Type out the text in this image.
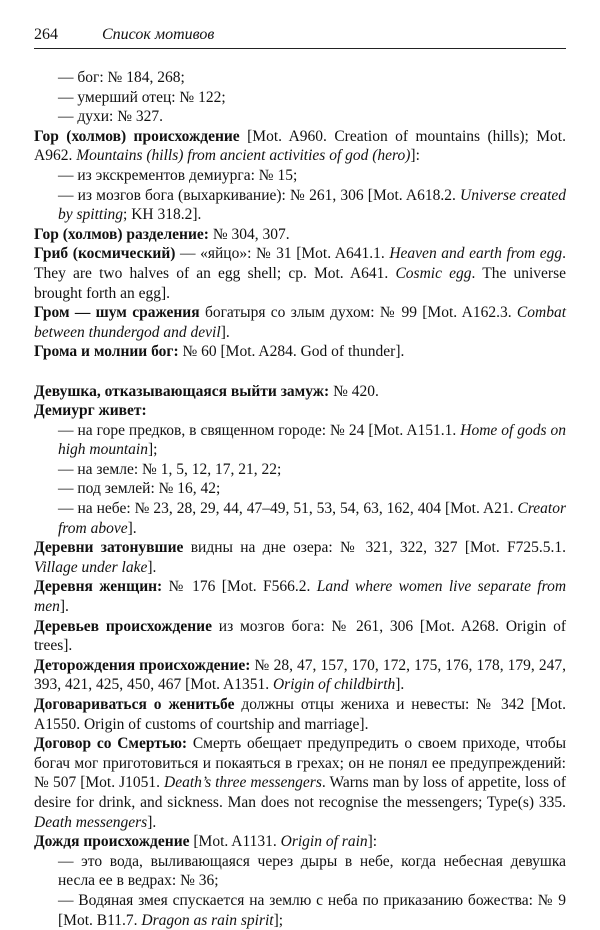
264	Список мотивов

— бог: № 184, 268;

— умерший отец: № 122;

— духи: № 327.

Гор (холмов) происхождение [Mot. A960. Creation of mountains (hills); Mot. A962. Mountains (hills) from ancient activities of god (hero)]:

— из экскрементов демиурга: № 15;

— из мозгов бога (выхаркивание): № 261, 306 [Mot. A618.2. Universe created by spitting; KH 318.2].

Гор (холмов) разделение: № 304, 307.

Гриб (космический) — «яйцо»: № 31 [Mot. A641.1. Heaven and earth from egg. They are two halves of an egg shell; cp. Mot. A641. Cosmic egg. The universe brought forth an egg].

Гром — шум сражения богатыря со злым духом: № 99 [Mot. A162.3. Combat between thundergod and devil].

Грома и молнии бог: № 60 [Mot. A284. God of thunder].

Девушка, отказывающаяся выйти замуж: № 420.

Демиург живет:

— на горе предков, в священном городе: № 24 [Mot. A151.1. Home of gods on high mountain];

— на земле: № 1, 5, 12, 17, 21, 22;

— под землей: № 16, 42;

— на небе: № 23, 28, 29, 44, 47–49, 51, 53, 54, 63, 162, 404 [Mot. A21. Creator from above].

Деревни затонувшие видны на дне озера: № 321, 322, 327 [Mot. F725.5.1. Village under lake].

Деревня женщин: № 176 [Mot. F566.2. Land where women live separate from men].

Деревьев происхождение из мозгов бога: № 261, 306 [Mot. A268. Origin of trees].

Деторождения происхождение: № 28, 47, 157, 170, 172, 175, 176, 178, 179, 247, 393, 421, 425, 450, 467 [Mot. A1351. Origin of childbirth].

Договариваться о женитьбе должны отцы жениха и невесты: № 342 [Mot. A1550. Origin of customs of courtship and marriage].

Договор со Смертью: Смерть обещает предупредить о своем приходе, чтобы богач мог приготовиться и покаяться в грехах; он не понял ее предупреждений: № 507 [Mot. J1051. Death’s three messengers. Warns man by loss of appetite, loss of desire for drink, and sickness. Man does not recognise the messengers; Type(s) 335. Death messengers].

Дождя происхождение [Mot. A1131. Origin of rain]:

— это вода, выливающаяся через дыры в небе, когда небесная девушка несла ее в ведрах: № 36;

— Водяная змея спускается на землю с неба по приказанию божества: № 9 [Mot. B11.7. Dragon as rain spirit];
